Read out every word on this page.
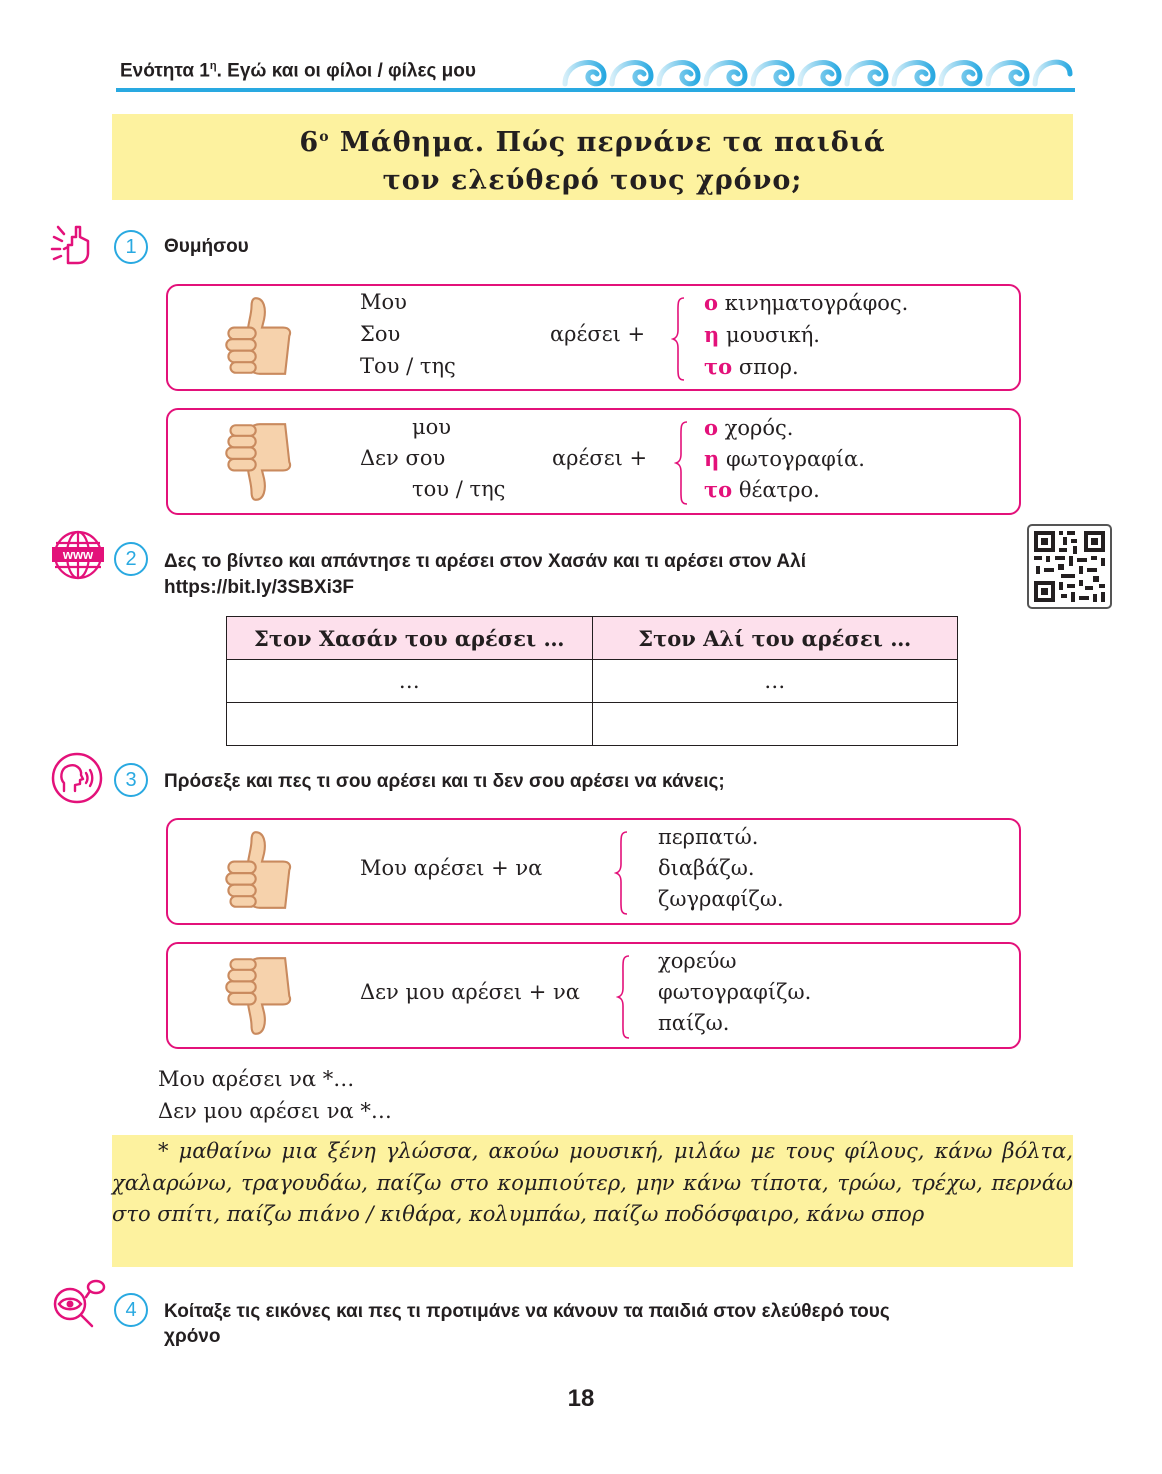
Ενότητα $1^\eta$. Εγώ και οι φίλοι / φίλες μου
$6^o$ Μάθημα. Πώς περνάνε τα παιδιά
τον ελεύθερό τους χρόνο;
1	Θυμήσου
Μου
Σου
Του / της
αρέσει +
ο κινηματογράφος.
η μουσική.
το σπορ.
μου
Δεν σου
του / της
αρέσει +
ο χορός.
η φωτογραφία.
το θέατρο.
www	2	Δες το βίντεο και απάντησε τι αρέσει στον Χασάν και τι αρέσει στον Αλί
https://bit.ly/3SBXi3F
Στον Χασάν του αρέσει …	Στον Αλί του αρέσει …
…	…

3	Πρόσεξε και πες τι σου αρέσει και τι δεν σου αρέσει να κάνεις;
Μου αρέσει + να
περπατώ.
διαβάζω.
ζωγραφίζω.
Δεν μου αρέσει + να
χορεύω
φωτογραφίζω.
παίζω.
Μου αρέσει να *…
Δεν μου αρέσει να *…
* μαθαίνω μια ξένη γλώσσα, ακούω μουσική, μιλάω με τους φίλους, κάνω βόλτα, χαλαρώνω, τραγουδάω, παίζω στο κομπιούτερ, μην κάνω τίποτα, τρώω, τρέχω, περνάω στο σπίτι, παίζω πιάνο / κιθάρα, κολυμπάω, παίζω ποδόσφαιρο, κάνω σπορ
4	Κοίταξε τις εικόνες και πες τι προτιμάνε να κάνουν τα παιδιά στον ελεύθερό τους
χρόνο
18
